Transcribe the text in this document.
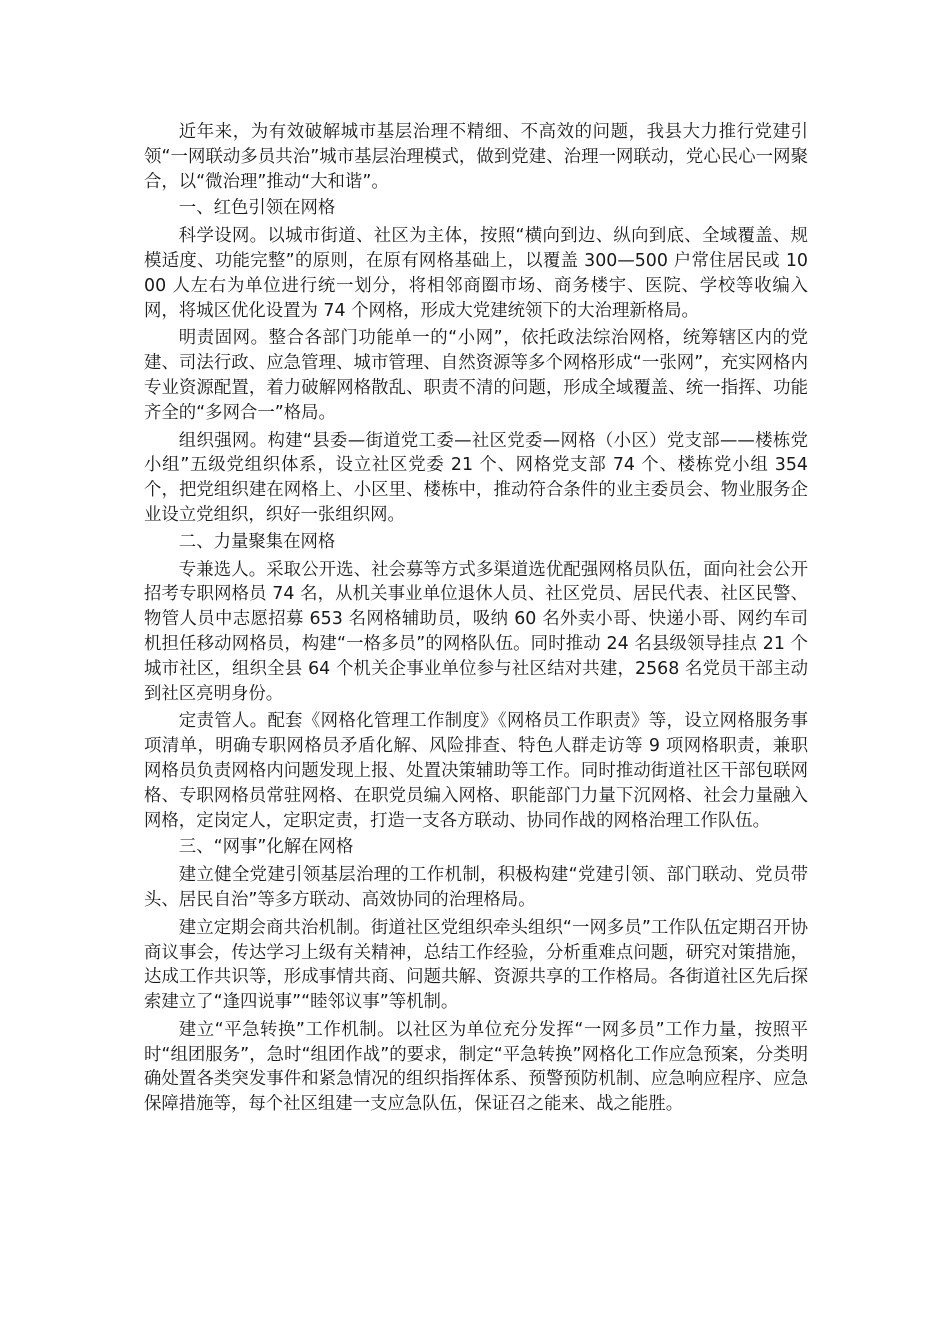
近年来，为有效破解城市基层治理不精细、不高效的问题，我县大力推行党建引领“一网联动多员共治”城市基层治理模式，做到党建、治理一网联动，党心民心一网聚合，以“微治理”推动“大和谐”。

一、红色引领在网格

科学设网。以城市街道、社区为主体，按照“横向到边、纵向到底、全域覆盖、规模适度、功能完整”的原则，在原有网格基础上，以覆盖 300—500 户常住居民或 1000 人左右为单位进行统一划分，将相邻商圈市场、商务楼宇、医院、学校等收编入网，将城区优化设置为 74 个网格，形成大党建统领下的大治理新格局。

明责固网。整合各部门功能单一的“小网”，依托政法综治网格，统筹辖区内的党建、司法行政、应急管理、城市管理、自然资源等多个网格形成“一张网”，充实网格内专业资源配置，着力破解网格散乱、职责不清的问题，形成全域覆盖、统一指挥、功能齐全的“多网合一”格局。

组织强网。构建“县委—街道党工委—社区党委—网格（小区）党支部——楼栋党小组”五级党组织体系，设立社区党委 21 个、网格党支部 74 个、楼栋党小组 354 个，把党组织建在网格上、小区里、楼栋中，推动符合条件的业主委员会、物业服务企业设立党组织，织好一张组织网。

二、力量聚集在网格

专兼选人。采取公开选、社会募等方式多渠道选优配强网格员队伍，面向社会公开招考专职网格员 74 名，从机关事业单位退休人员、社区党员、居民代表、社区民警、物管人员中志愿招募 653 名网格辅助员，吸纳 60 名外卖小哥、快递小哥、网约车司机担任移动网格员，构建“一格多员”的网格队伍。同时推动 24 名县级领导挂点 21 个城市社区，组织全县 64 个机关企事业单位参与社区结对共建，2568 名党员干部主动到社区亮明身份。

定责管人。配套《网格化管理工作制度》《网格员工作职责》等，设立网格服务事项清单，明确专职网格员矛盾化解、风险排查、特色人群走访等 9 项网格职责，兼职网格员负责网格内问题发现上报、处置决策辅助等工作。同时推动街道社区干部包联网格、专职网格员常驻网格、在职党员编入网格、职能部门力量下沉网格、社会力量融入网格，定岗定人，定职定责，打造一支各方联动、协同作战的网格治理工作队伍。

三、“网事”化解在网格

建立健全党建引领基层治理的工作机制，积极构建“党建引领、部门联动、党员带头、居民自治”等多方联动、高效协同的治理格局。

建立定期会商共治机制。街道社区党组织牵头组织“一网多员”工作队伍定期召开协商议事会，传达学习上级有关精神，总结工作经验，分析重难点问题，研究对策措施，达成工作共识等，形成事情共商、问题共解、资源共享的工作格局。各街道社区先后探索建立了“逢四说事”“睦邻议事”等机制。

建立“平急转换”工作机制。以社区为单位充分发挥“一网多员”工作力量，按照平时“组团服务”，急时“组团作战”的要求，制定“平急转换”网格化工作应急预案，分类明确处置各类突发事件和紧急情况的组织指挥体系、预警预防机制、应急响应程序、应急保障措施等，每个社区组建一支应急队伍，保证召之能来、战之能胜。
